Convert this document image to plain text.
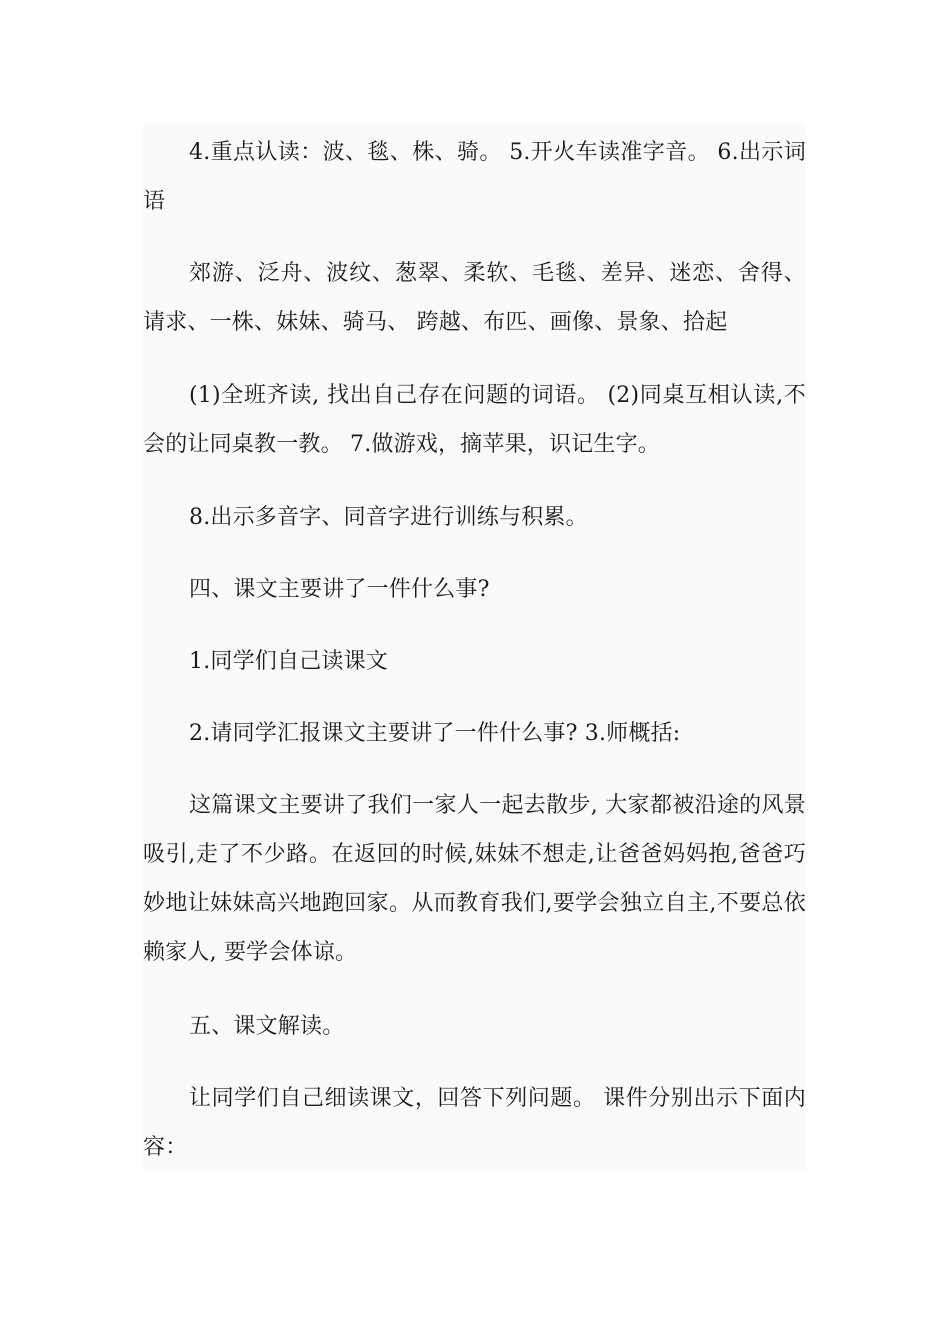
4.重点认读：波、毯、株、骑。 5.开火车读准字音。 6.出示词语

郊游、泛舟、波纹、葱翠、柔软、毛毯、差异、迷恋、舍得、请求、一株、妹妹、骑马、 跨越、布匹、画像、景象、拾起

(1)全班齐读, 找出自己存在问题的词语。 (2)同桌互相认读,不会的让同桌教一教。 7.做游戏，摘苹果，识记生字。

8.出示多音字、同音字进行训练与积累。

四、课文主要讲了一件什么事?

1.同学们自己读课文

2.请同学汇报课文主要讲了一件什么事? 3.师概括:

这篇课文主要讲了我们一家人一起去散步, 大家都被沿途的风景吸引,走了不少路。在返回的时候,妹妹不想走,让爸爸妈妈抱,爸爸巧妙地让妹妹高兴地跑回家。从而教育我们,要学会独立自主,不要总依赖家人, 要学会体谅。

五、课文解读。

让同学们自己细读课文，回答下列问题。 课件分别出示下面内容：
